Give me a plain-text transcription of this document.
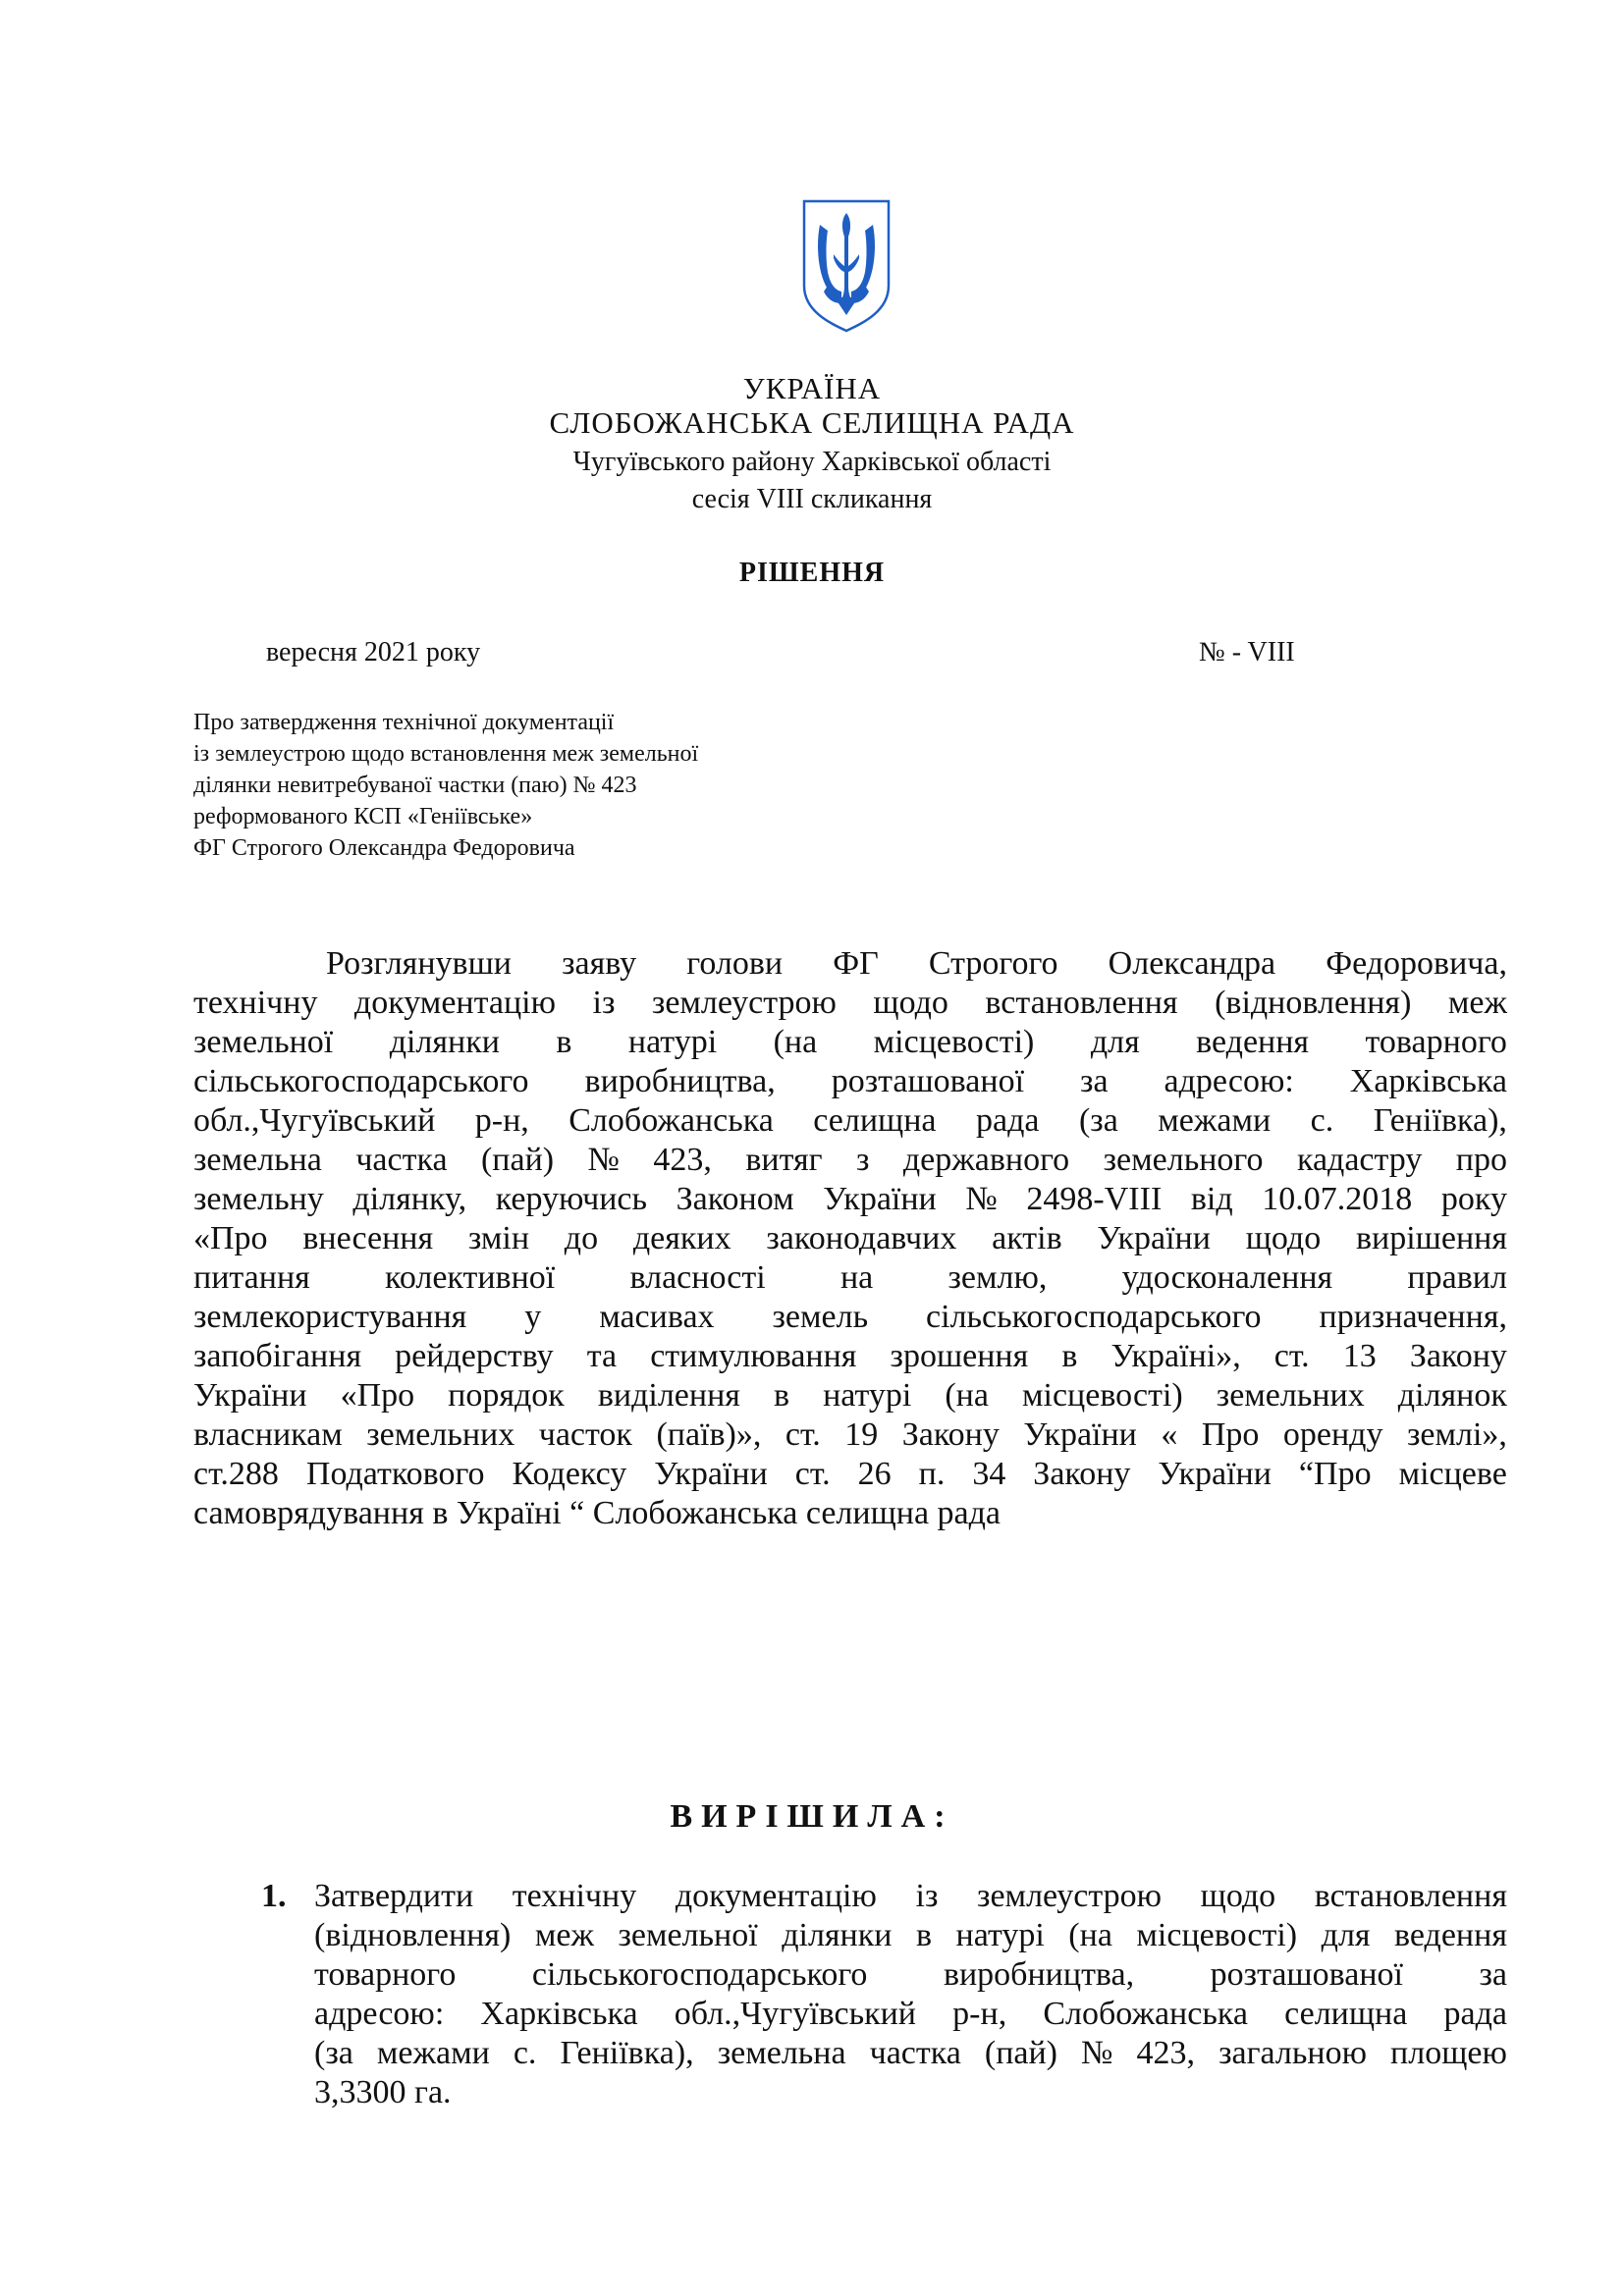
УКРАЇНА
СЛОБОЖАНСЬКА СЕЛИЩНА РАДА
Чугуївського району Харківської області
сесія VIII скликання
РІШЕННЯ
вересня 2021 року	№ - VIII
Про затвердження технічної документації
із землеустрою щодо встановлення меж земельної
ділянки невитребуваної частки (паю) № 423
реформованого КСП «Геніївське»
ФГ Строгого Олександра Федоровича
Розглянувши заяву голови ФГ Строгого Олександра Федоровича,
технічну документацію із землеустрою щодо встановлення (відновлення) меж
земельної ділянки в натурі (на місцевості) для ведення товарного
сільськогосподарського виробництва, розташованої за адресою: Харківська
обл.,Чугуївський р-н, Слобожанська селищна рада (за межами с. Геніївка),
земельна частка (пай) № 423, витяг з державного земельного кадастру про
земельну ділянку, керуючись Законом України № 2498-VIII від 10.07.2018 року
«Про внесення змін до деяких законодавчих актів України щодо вирішення
питання колективної власності на землю, удосконалення правил
землекористування у масивах земель сільськогосподарського призначення,
запобігання рейдерству та стимулювання зрошення в Україні», ст. 13 Закону
України «Про порядок виділення в натурі (на місцевості) земельних ділянок
власникам земельних часток (паїв)», ст. 19 Закону України « Про оренду землі»,
ст.288 Податкового Кодексу України ст. 26 п. 34 Закону України “Про місцеве
самоврядування в Україні “ Слобожанська селищна рада
ВИРІШИЛА:
1. Затвердити технічну документацію із землеустрою щодо встановлення
(відновлення) меж земельної ділянки в натурі (на місцевості) для ведення
товарного сільськогосподарського виробництва, розташованої за
адресою: Харківська обл.,Чугуївський р-н, Слобожанська селищна рада
(за межами с. Геніївка), земельна частка (пай) № 423, загальною площею
3,3300 га.
